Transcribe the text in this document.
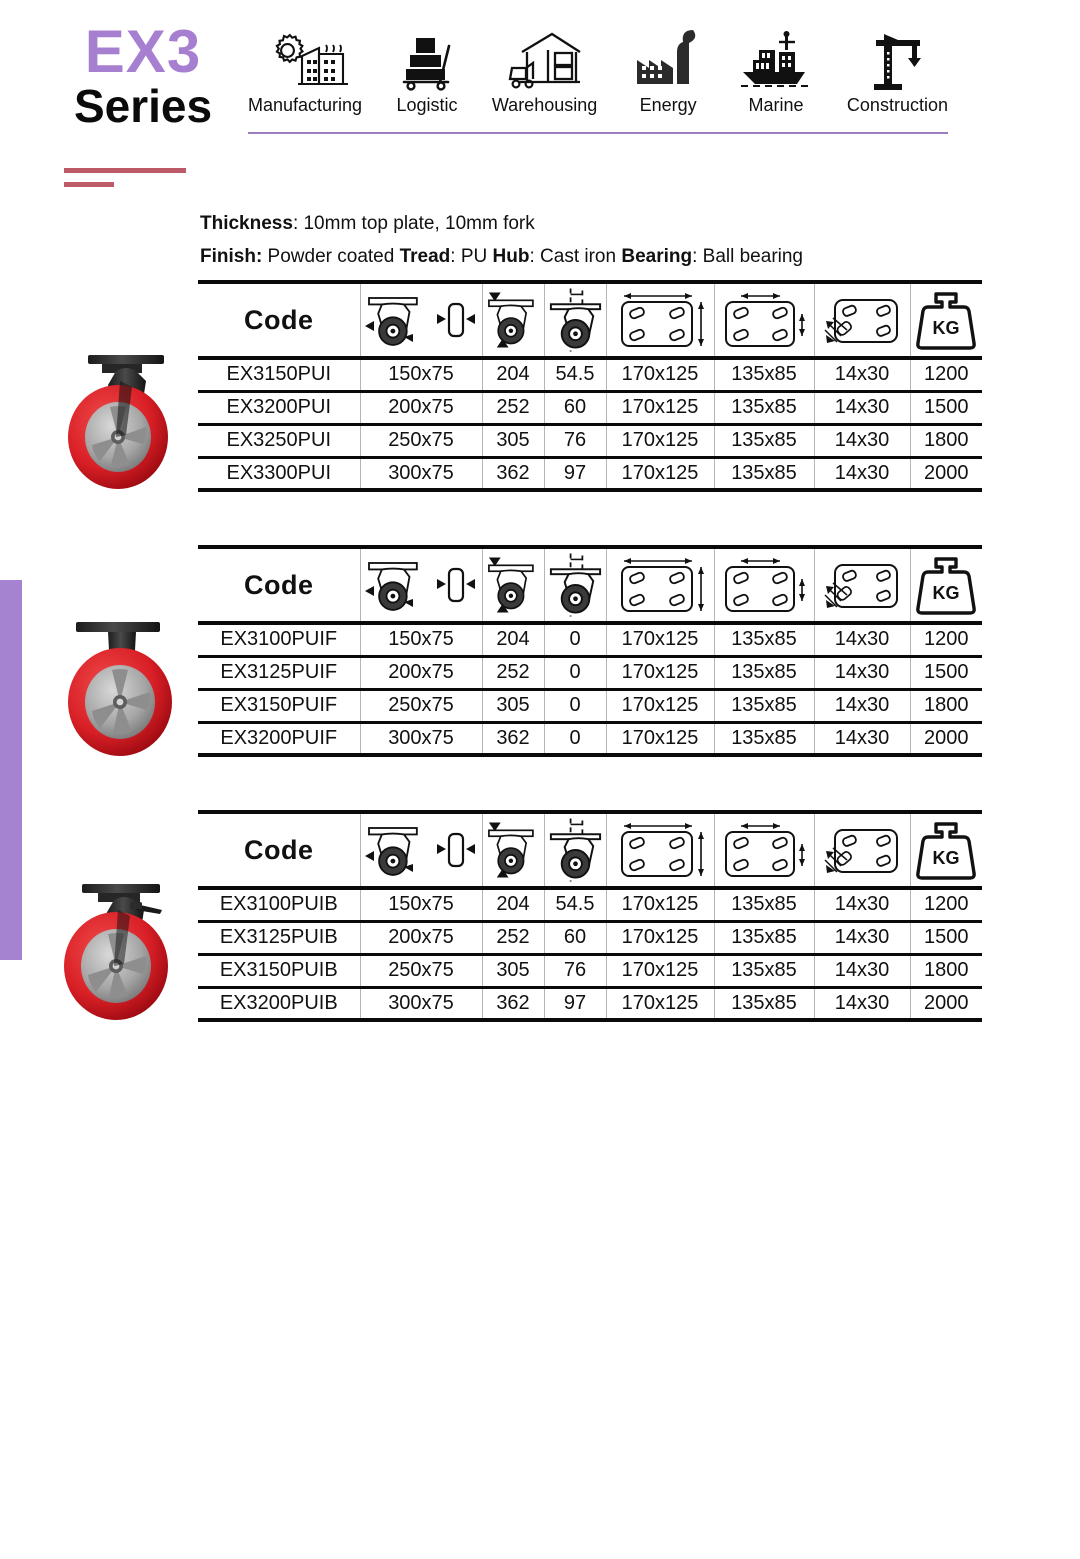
EX3
Series	Manufacturing Logistic Warehousing Energy	Marine Construction
Thickness: 10mm top plate, 10mm fork
Finish: Powder coated Tread: PU Hub: Cast iron Bearing: Ball bearing
Code							KG

EX3150PUI	150x75	204	54.5	170x125	135x85	14x30	1200
EX3200PUI	200x75	252	60	170x125	135x85	14x30	1500
EX3250PUI	250x75	305	76	170x125	135x85	14x30	1800
EX3300PUI	300x75	362	97	170x125	135x85	14x30	2000
Code							KG

EX3100PUIF	150x75	204	0	170x125	135x85	14x30	1200
EX3125PUIF	200x75	252	0	170x125	135x85	14x30	1500
EX3150PUIF	250x75	305	0	170x125	135x85	14x30	1800
EX3200PUIF	300x75	362	0	170x125	135x85	14x30	2000
Code							KG

EX3100PUIB	150x75	204	54.5	170x125	135x85	14x30	1200
EX3125PUIB	200x75	252	60	170x125	135x85	14x30	1500
EX3150PUIB	250x75	305	76	170x125	135x85	14x30	1800
EX3200PUIB	300x75	362	97	170x125	135x85	14x30	2000
